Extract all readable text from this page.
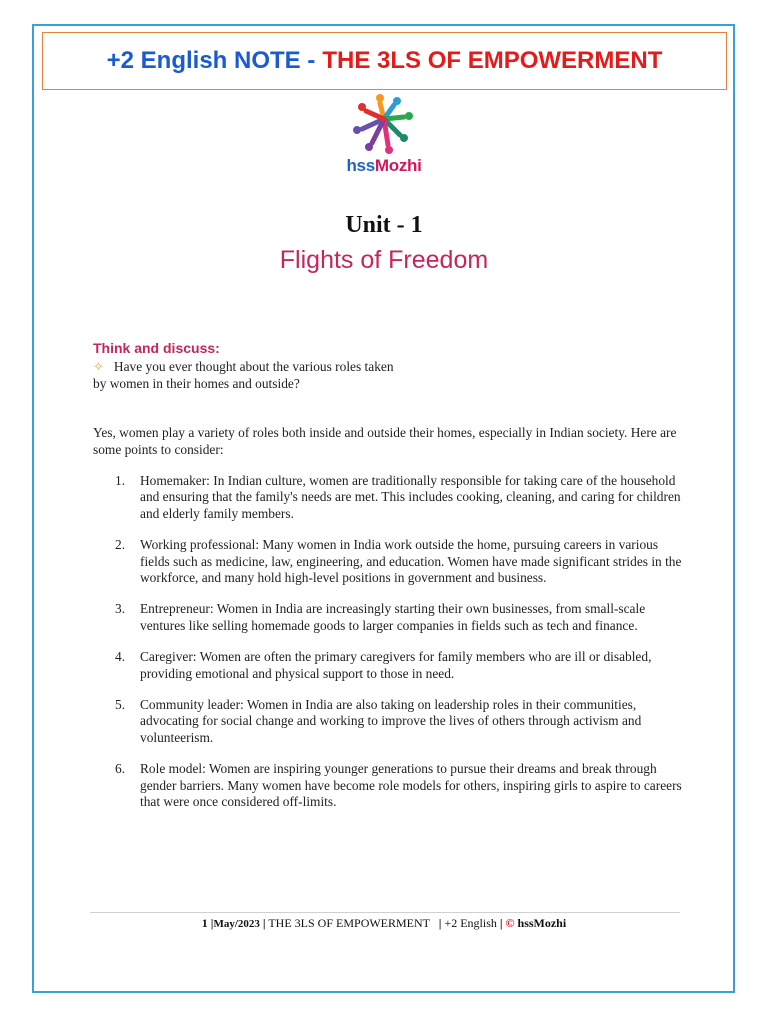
+2 English NOTE - THE 3LS OF EMPOWERMENT
hssMozhi
Unit - 1
Flights of Freedom
Think and discuss:
✧ Have you ever thought about the various roles taken
by women in their homes and outside?
Yes, women play a variety of roles both inside and outside their homes, especially in Indian society. Here are some points to consider:
1. Homemaker: In Indian culture, women are traditionally responsible for taking care of the household and ensuring that the family's needs are met. This includes cooking, cleaning, and caring for children and elderly family members.
2. Working professional: Many women in India work outside the home, pursuing careers in various fields such as medicine, law, engineering, and education. Women have made significant strides in the workforce, and many hold high-level positions in government and business.
3. Entrepreneur: Women in India are increasingly starting their own businesses, from small-scale ventures like selling homemade goods to larger companies in fields such as tech and finance.
4. Caregiver: Women are often the primary caregivers for family members who are ill or disabled, providing emotional and physical support to those in need.
5. Community leader: Women in India are also taking on leadership roles in their communities, advocating for social change and working to improve the lives of others through activism and volunteerism.
6. Role model: Women are inspiring younger generations to pursue their dreams and break through gender barriers. Many women have become role models for others, inspiring girls to aspire to careers that were once considered off-limits.
1 |May/2023 | THE 3LS OF EMPOWERMENT | +2 English | © hssMozhi
